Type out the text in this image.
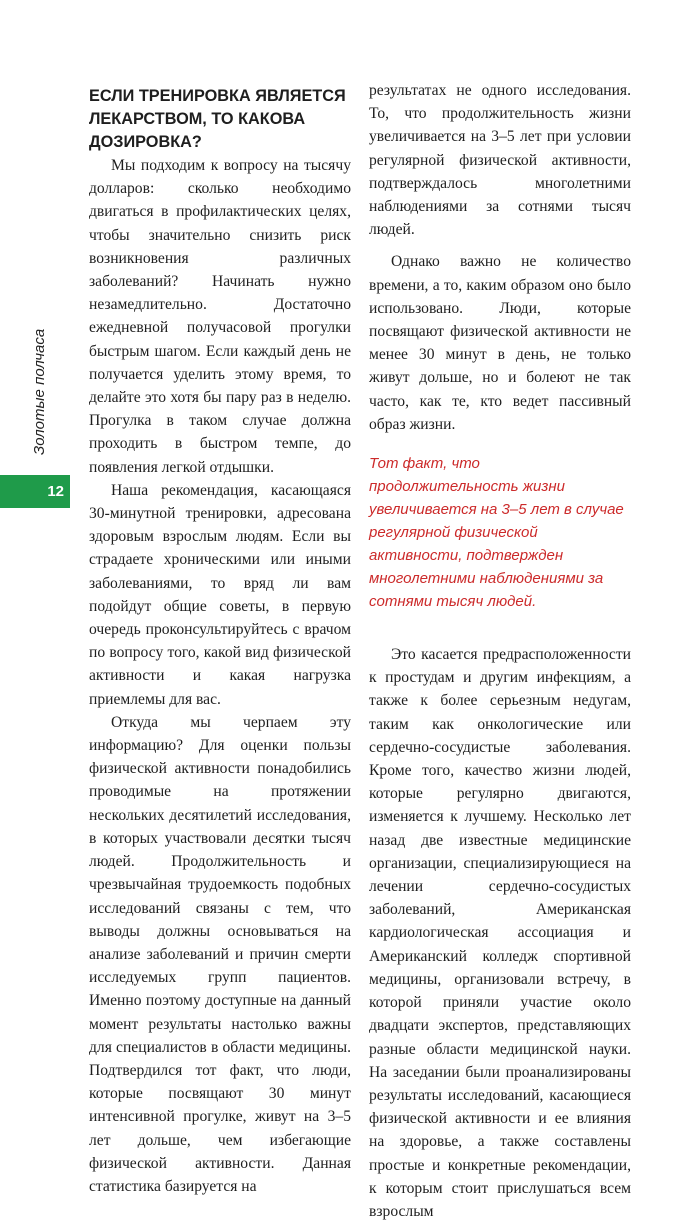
Золотые полчаса
12
ЕСЛИ ТРЕНИРОВКА ЯВЛЯЕТСЯ ЛЕКАРСТВОМ, ТО КАКОВА ДОЗИРОВКА?

Мы подходим к вопросу на тысячу долларов: сколько необходимо двигаться в профилактических целях, чтобы значительно снизить риск возникновения различных заболеваний? Начинать нужно незамедлительно. Достаточно ежедневной получасовой прогулки быстрым шагом. Если каждый день не получается уделить этому время, то делайте это хотя бы пару раз в неделю. Прогулка в таком случае должна проходить в быстром темпе, до появления легкой отдышки.

Наша рекомендация, касающаяся 30-минутной тренировки, адресована здоровым взрослым людям. Если вы страдаете хроническими или иными заболеваниями, то вряд ли вам подойдут общие советы, в первую очередь проконсультируйтесь с врачом по вопросу того, какой вид физической активности и какая нагрузка приемлемы для вас.

Откуда мы черпаем эту информацию? Для оценки пользы физической активности понадобились проводимые на протяжении нескольких десятилетий исследования, в которых участвовали десятки тысяч людей. Продолжительность и чрезвычайная трудоемкость подобных исследований связаны с тем, что выводы должны основываться на анализе заболеваний и причин смерти исследуемых групп пациентов. Именно поэтому доступные на данный момент результаты настолько важны для специалистов в области медицины. Подтвердился тот факт, что люди, которые посвящают 30 минут интенсивной прогулке, живут на 3–5 лет дольше, чем избегающие физической активности. Данная статистика базируется на

результатах не одного исследования. То, что продолжительность жизни увеличивается на 3–5 лет при условии регулярной физической активности, подтверждалось многолетними наблюдениями за сотнями тысяч людей.

Однако важно не количество времени, а то, каким образом оно было использовано. Люди, которые посвящают физической активности не менее 30 минут в день, не только живут дольше, но и болеют не так часто, как те, кто ведет пассивный образ жизни.

Тот факт, что продолжительность жизни увеличивается на 3–5 лет в случае регулярной физической активности, подтвержден многолетними наблюдениями за сотнями тысяч людей.

Это касается предрасположенности к простудам и другим инфекциям, а также к более серьезным недугам, таким как онкологические или сердечно-сосудистые заболевания. Кроме того, качество жизни людей, которые регулярно двигаются, изменяется к лучшему. Несколько лет назад две известные медицинские организации, специализирующиеся на лечении сердечно-сосудистых заболеваний, Американская кардиологическая ассоциация и Американский колледж спортивной медицины, организовали встречу, в которой приняли участие около двадцати экспертов, представляющих разные области медицинской науки. На заседании были проанализированы результаты исследований, касающиеся физической активности и ее влияния на здоровье, а также составлены простые и конкретные рекомендации, к которым стоит прислушаться всем взрослым
